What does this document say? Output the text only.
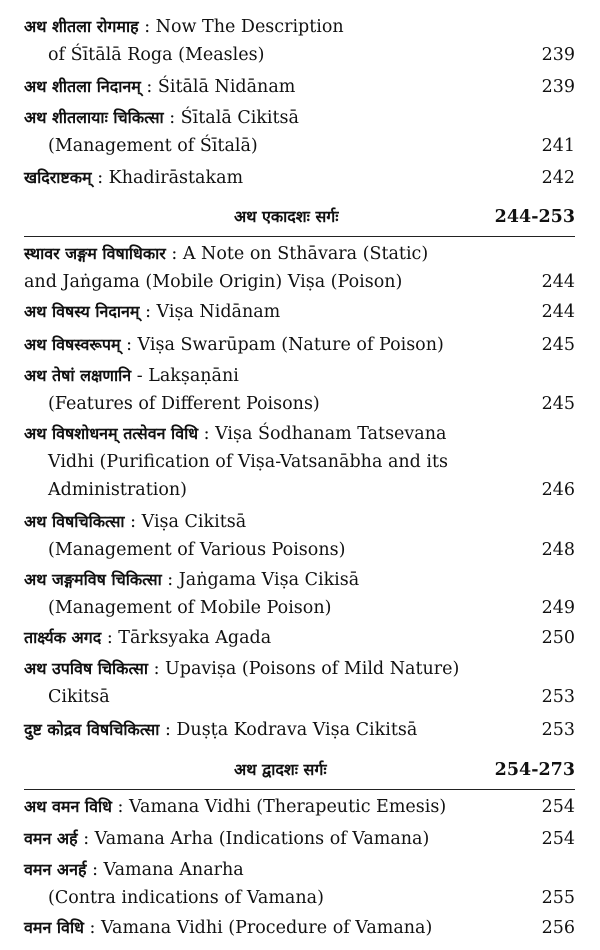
अथ शीतला रोगमाह : Now The Description
of Śītālā Roga (Measles)	239
अथ शीतला निदानम् : Śitālā Nidānam	239
अथ शीतलायाः चिकित्सा : Śītalā Cikitsā
(Management of Śītalā)	241
खदिराष्टकम् : Khadirāstakam	242
अथ एकादशः सर्गः	244-253
स्थावर जङ्गम विषाधिकार : A Note on Sthāvara (Static)
and Jaṅgama (Mobile Origin) Viṣa (Poison)	244
अथ विषस्य निदानम् : Viṣa Nidānam	244
अथ विषस्वरूपम् : Viṣa Swarūpam (Nature of Poison)	245
अथ तेषां लक्षणानि - Lakṣaṇāni
(Features of Different Poisons)	245
अथ विषशोधनम् तत्सेवन विधि : Viṣa Śodhanam Tatsevana
Vidhi (Purification of Viṣa-Vatsanābha and its
Administration)	246
अथ विषचिकित्सा : Viṣa Cikitsā
(Management of Various Poisons)	248
अथ जङ्गमविष चिकित्सा : Jaṅgama Viṣa Cikisā
(Management of Mobile Poison)	249
तार्क्ष्यक अगद : Tārksyaka Agada	250
अथ उपविष चिकित्सा : Upaviṣa (Poisons of Mild Nature)
Cikitsā	253
दुष्ट कोद्रव विषचिकित्सा : Duṣṭa Kodrava Viṣa Cikitsā	253
अथ द्वादशः सर्गः	254-273
अथ वमन विधि : Vamana Vidhi (Therapeutic Emesis)	254
वमन अर्ह : Vamana Arha (Indications of Vamana)	254
वमन अनर्ह : Vamana Anarha
(Contra indications of Vamana)	255
वमन विधि : Vamana Vidhi (Procedure of Vamana)	256
